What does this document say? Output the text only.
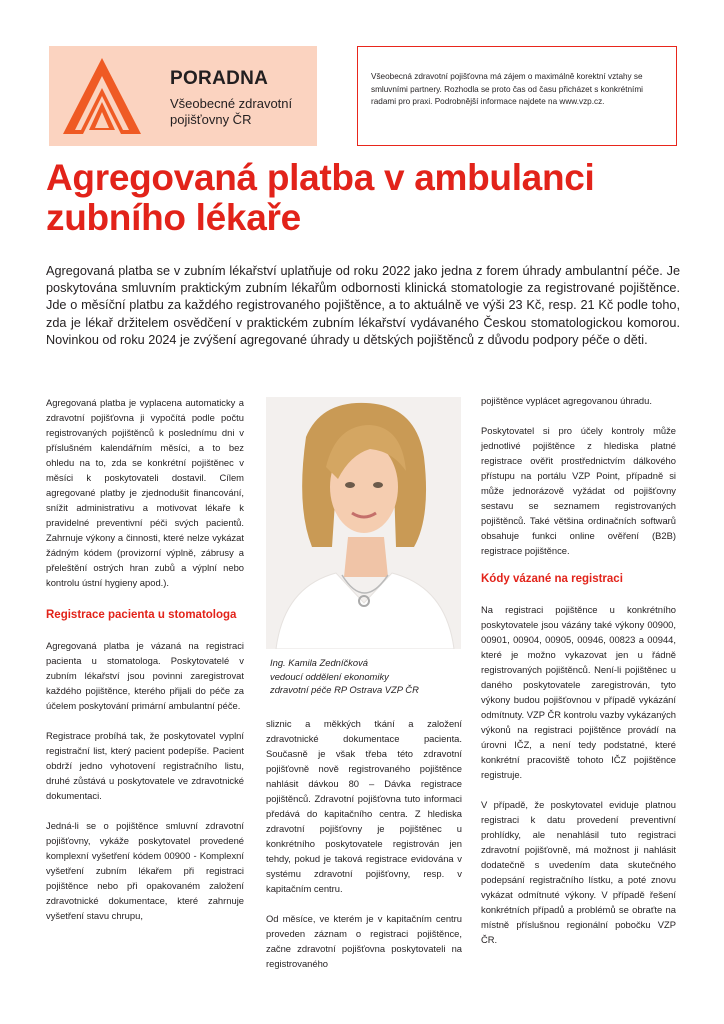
PORADNA
Všeobecné zdravotní
pojišťovny ČR
Všeobecná zdravotní pojišťovna má zájem o maximálně korektní vztahy se smluvními partnery. Rozhodla se proto čas od času přicházet s konkrétními radami pro praxi. Podrobnější informace najdete na www.vzp.cz.
Agregovaná platba v ambulanci
zubního lékaře

Agregovaná platba se v zubním lékařství uplatňuje od roku 2022 jako jedna z forem úhrady ambulantní péče. Je poskytována smluvním praktickým zubním lékařům odbornosti klinická stomatologie za registrované pojištěnce. Jde o měsíční platbu za každého registrovaného pojištěnce, a to aktuálně ve výši 23 Kč, resp. 21 Kč podle toho, zda je lékař držitelem osvědčení v praktickém zubním lékařství vydávaného Českou stomatologickou komorou. Novinkou od roku 2024 je zvýšení agregované úhrady u dětských pojištěnců z důvodu podpory péče o děti.

Agregovaná platba je vyplacena automaticky a zdravotní pojišťovna ji vypočítá podle počtu registrovaných pojištěnců k poslednímu dni v příslušném kalendářním měsíci, a to bez ohledu na to, zda se konkrétní pojištěnec v měsíci k poskytovateli dostavil. Cílem agregované platby je zjednodušit financování, snížit administrativu a motivovat lékaře k pravidelné preventivní péči svých pacientů. Zahrnuje výkony a činnosti, které nelze vykázat žádným kódem (provizorní výplně, zábrusy a přeleštění ostrých hran zubů a výplní nebo kontrolu ústní hygieny apod.).

Registrace pacienta u stomatologa

Agregovaná platba je vázaná na registraci pacienta u stomatologa. Poskytovatelé v zubním lékařství jsou povinni zaregistrovat každého pojištěnce, kterého přijali do péče za účelem poskytování primární ambulantní péče.

Registrace probíhá tak, že poskytovatel vyplní registrační list, který pacient podepíše. Pacient obdrží jedno vyhotovení registračního listu, druhé zůstává u poskytovatele ve zdravotnické dokumentaci.

Jedná-li se o pojištěnce smluvní zdravotní pojišťovny, vykáže poskytovatel provedené komplexní vyšetření kódem 00900 - Komplexní vyšetření zubním lékařem při registraci pojištěnce nebo při opakovaném založení zdravotnické dokumentace, které zahrnuje vyšetření stavu chrupu,

Ing. Kamila Zedníčková
vedoucí oddělení ekonomiky
zdravotní péče RP Ostrava VZP ČR

sliznic a měkkých tkání a založení zdravotnické dokumentace pacienta. Současně je však třeba této zdravotní pojišťovně nově registrovaného pojištěnce nahlásit dávkou 80 – Dávka registrace pojištěnců. Zdravotní pojišťovna tuto informaci předává do kapitačního centra. Z hlediska zdravotní pojišťovny je pojištěnec u konkrétního poskytovatele registrován jen tehdy, pokud je taková registrace evidována v systému zdravotní pojišťovny, resp. v kapitačním centru.

Od měsíce, ve kterém je v kapitačním centru proveden záznam o registraci pojištěnce, začne zdravotní pojišťovna poskytovateli na registrovaného

pojištěnce vyplácet agregovanou úhradu.

Poskytovatel si pro účely kontroly může jednotlivé pojištěnce z hlediska platné registrace ověřit prostřednictvím dálkového přístupu na portálu VZP Point, případně si může jednorázově vyžádat od pojišťovny sestavu se seznamem registrovaných pojištěnců. Také většina ordinačních softwarů obsahuje funkci online ověření (B2B) registrace pojištěnce.

Kódy vázané na registraci

Na registraci pojištěnce u konkrétního poskytovatele jsou vázány také výkony 00900, 00901, 00904, 00905, 00946, 00823 a 00944, které je možno vykazovat jen u řádně registrovaných pojištěnců. Není-li pojištěnec u daného poskytovatele zaregistrován, tyto výkony budou pojišťovnou v případě vykázání odmítnuty. VZP ČR kontrolu vazby vykázaných výkonů na registraci pojištěnce provádí na úrovni IČZ, a není tedy podstatné, které konkrétní pracoviště tohoto IČZ pojištěnce registruje.

V případě, že poskytovatel eviduje platnou registraci k datu provedení preventivní prohlídky, ale nenahlásil tuto registraci zdravotní pojišťovně, má možnost ji nahlásit dodatečně s uvedením data skutečného podepsání registračního lístku, a poté znovu vykázat odmítnuté výkony. V případě řešení konkrétních případů a problémů se obraťte na místně příslušnou regionální pobočku VZP ČR.
